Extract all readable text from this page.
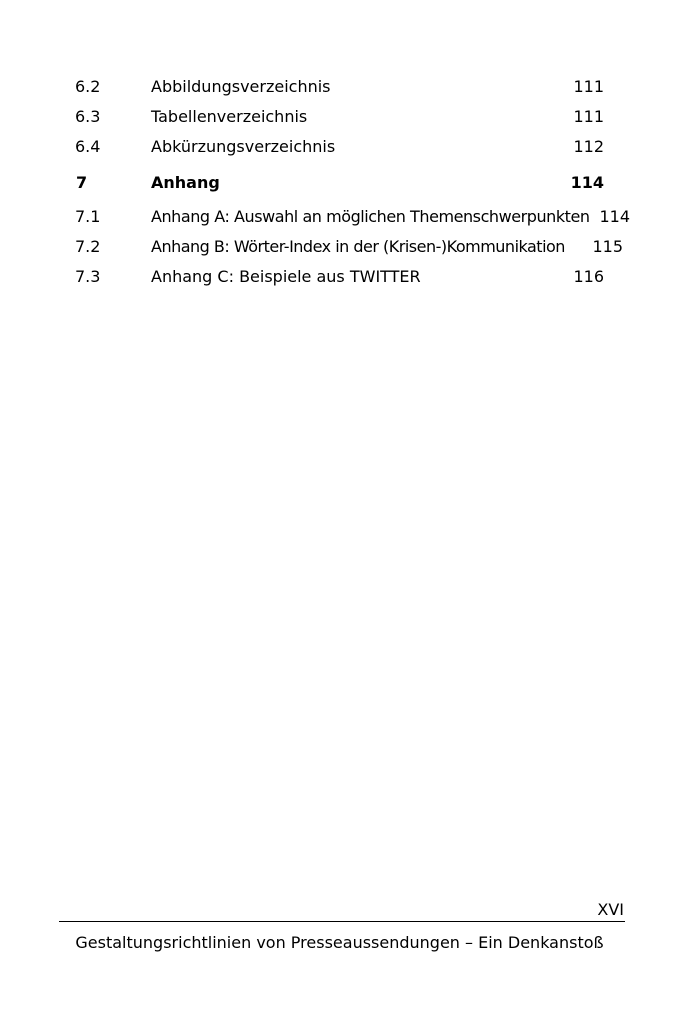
6.2	Abbildungsverzeichnis	111
6.3	Tabellenverzeichnis	111
6.4	Abkürzungsverzeichnis	112
7	Anhang	114
7.1	Anhang A: Auswahl an möglichen Themenschwerpunkten 114
7.2	Anhang B: Wörter-Index in der (Krisen-)Kommunikation 115
7.3	Anhang C: Beispiele aus TWITTER	116
XVI
Gestaltungsrichtlinien von Presseaussendungen – Ein Denkanstoß
